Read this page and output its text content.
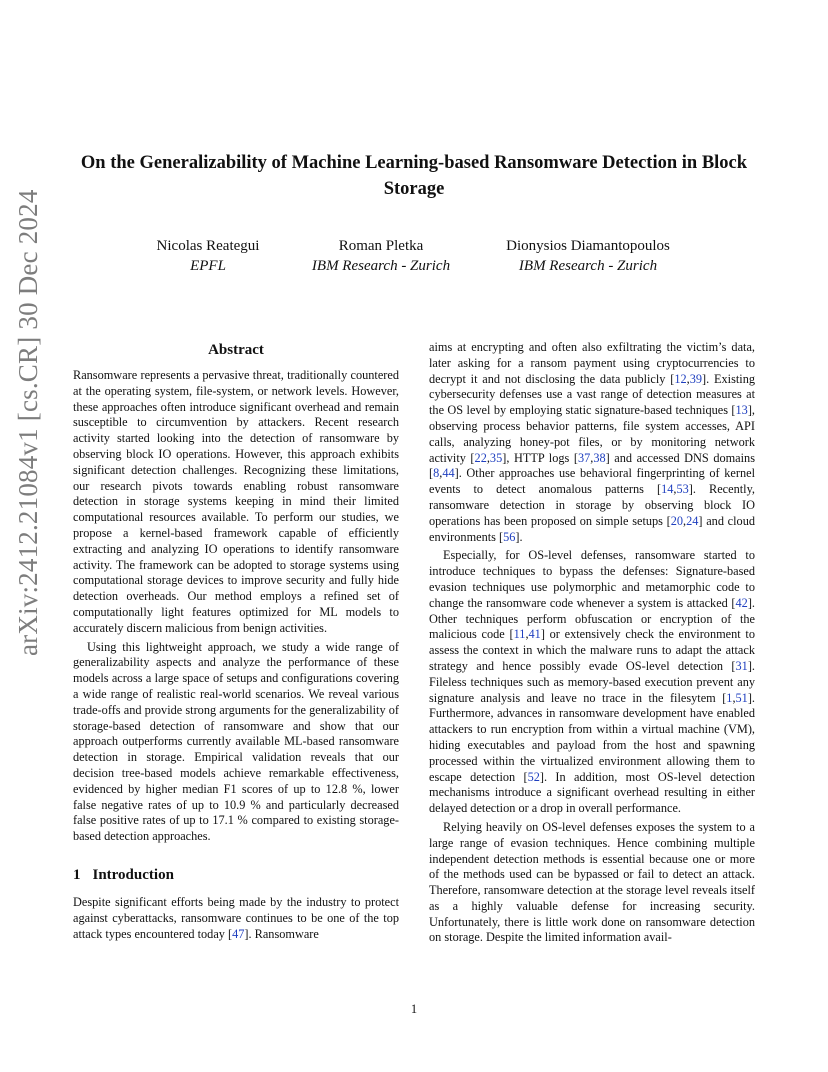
arXiv:2412.21084v1 [cs.CR] 30 Dec 2024
On the Generalizability of Machine Learning-based Ransomware Detection in Block Storage
Nicolas Reategui
EPFL
Roman Pletka
IBM Research - Zurich
Dionysios Diamantopoulos
IBM Research - Zurich
Abstract

Ransomware represents a pervasive threat, traditionally countered at the operating system, file-system, or network levels. However, these approaches often introduce significant overhead and remain susceptible to circumvention by attackers. Recent research activity started looking into the detection of ransomware by observing block IO operations. However, this approach exhibits significant detection challenges. Recognizing these limitations, our research pivots towards enabling robust ransomware detection in storage systems keeping in mind their limited computational resources available. To perform our studies, we propose a kernel-based framework capable of efficiently extracting and analyzing IO operations to identify ransomware activity. The framework can be adopted to storage systems using computational storage devices to improve security and fully hide detection overheads. Our method employs a refined set of computationally light features optimized for ML models to accurately discern malicious from benign activities.

Using this lightweight approach, we study a wide range of generalizability aspects and analyze the performance of these models across a large space of setups and configurations covering a wide range of realistic real-world scenarios. We reveal various trade-offs and provide strong arguments for the generalizability of storage-based detection of ransomware and show that our approach outperforms currently available ML-based ransomware detection in storage. Empirical validation reveals that our decision tree-based models achieve remarkable effectiveness, evidenced by higher median F1 scores of up to 12.8 %, lower false negative rates of up to 10.9 % and particularly decreased false positive rates of up to 17.1 % compared to existing storage-based detection approaches.

1 Introduction

Despite significant efforts being made by the industry to protect against cyberattacks, ransomware continues to be one of the top attack types encountered today [47]. Ransomware

aims at encrypting and often also exfiltrating the victim’s data, later asking for a ransom payment using cryptocurrencies to decrypt it and not disclosing the data publicly [12,39]. Existing cybersecurity defenses use a vast range of detection measures at the OS level by employing static signature-based techniques [13], observing process behavior patterns, file system accesses, API calls, analyzing honey-pot files, or by monitoring network activity [22,35], HTTP logs [37,38] and accessed DNS domains [8,44]. Other approaches use behavioral fingerprinting of kernel events to detect anomalous patterns [14,53]. Recently, ransomware detection in storage by observing block IO operations has been proposed on simple setups [20,24] and cloud environments [56].

Especially, for OS-level defenses, ransomware started to introduce techniques to bypass the defenses: Signature-based evasion techniques use polymorphic and metamorphic code to change the ransomware code whenever a system is attacked [42]. Other techniques perform obfuscation or encryption of the malicious code [11,41] or extensively check the environment to assess the context in which the malware runs to adapt the attack strategy and hence possibly evade OS-level detection [31]. Fileless techniques such as memory-based execution prevent any signature analysis and leave no trace in the filesytem [1,51]. Furthermore, advances in ransomware development have enabled attackers to run encryption from within a virtual machine (VM), hiding executables and payload from the host and spawning processed within the virtualized environment allowing them to escape detection [52]. In addition, most OS-level detection mechanisms introduce a significant overhead resulting in either delayed detection or a drop in overall performance.

Relying heavily on OS-level defenses exposes the system to a large range of evasion techniques. Hence combining multiple independent detection methods is essential because one or more of the methods used can be bypassed or fail to detect an attack. Therefore, ransomware detection at the storage level reveals itself as a highly valuable defense for increasing security. Unfortunately, there is little work done on ransomware detection on storage. Despite the limited information avail-

1
